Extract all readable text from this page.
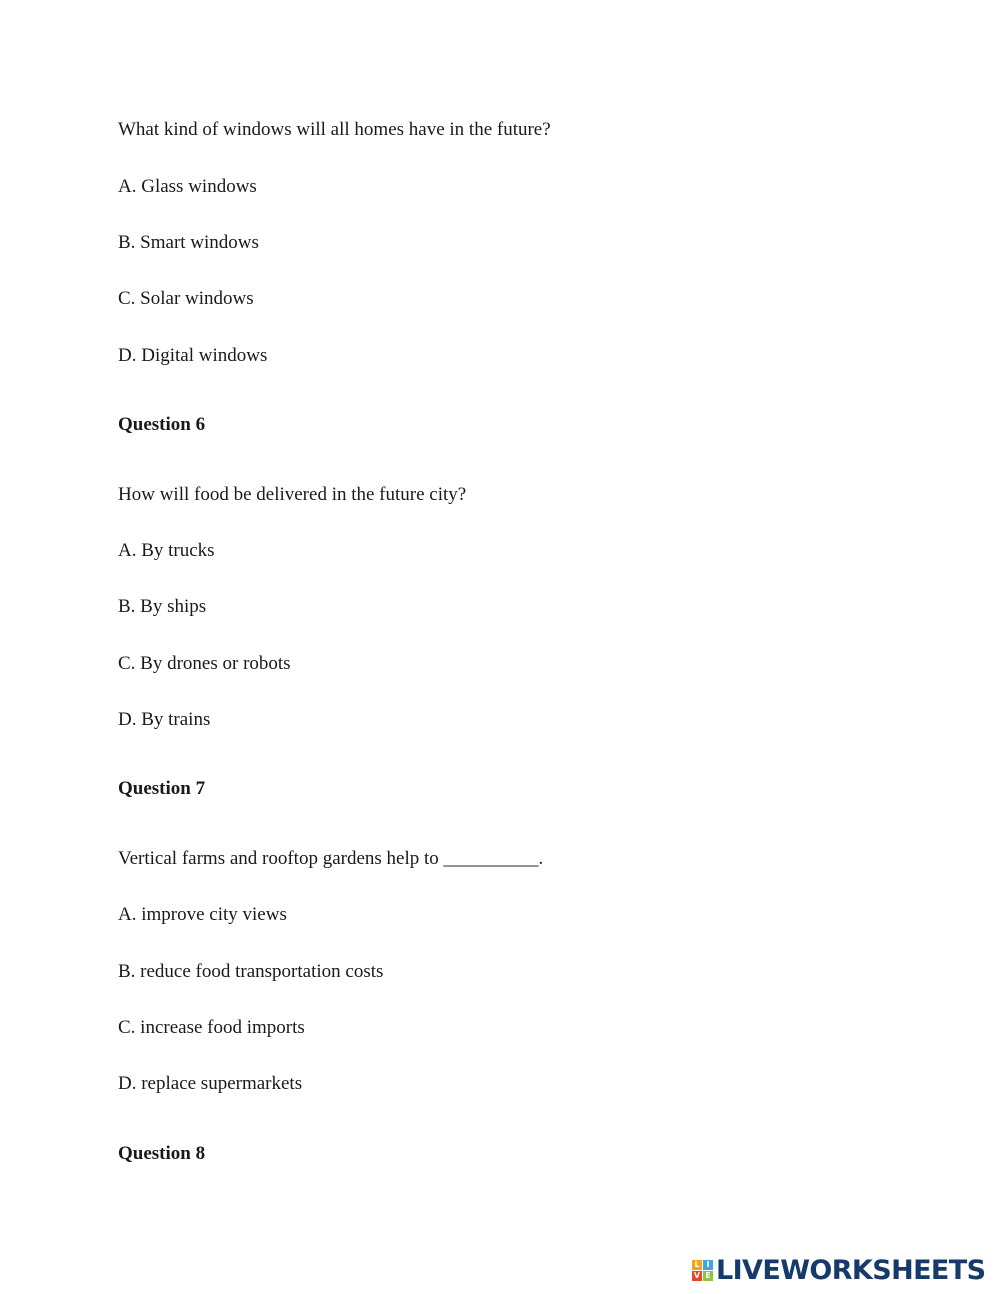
What kind of windows will all homes have in the future?
A. Glass windows
B. Smart windows
C. Solar windows
D. Digital windows
Question 6
How will food be delivered in the future city?
A. By trucks
B. By ships
C. By drones or robots
D. By trains
Question 7
Vertical farms and rooftop gardens help to __________.
A. improve city views
B. reduce food transportation costs
C. increase food imports
D. replace supermarkets
Question 8
L I
V E LIVEWORKSHEETS
